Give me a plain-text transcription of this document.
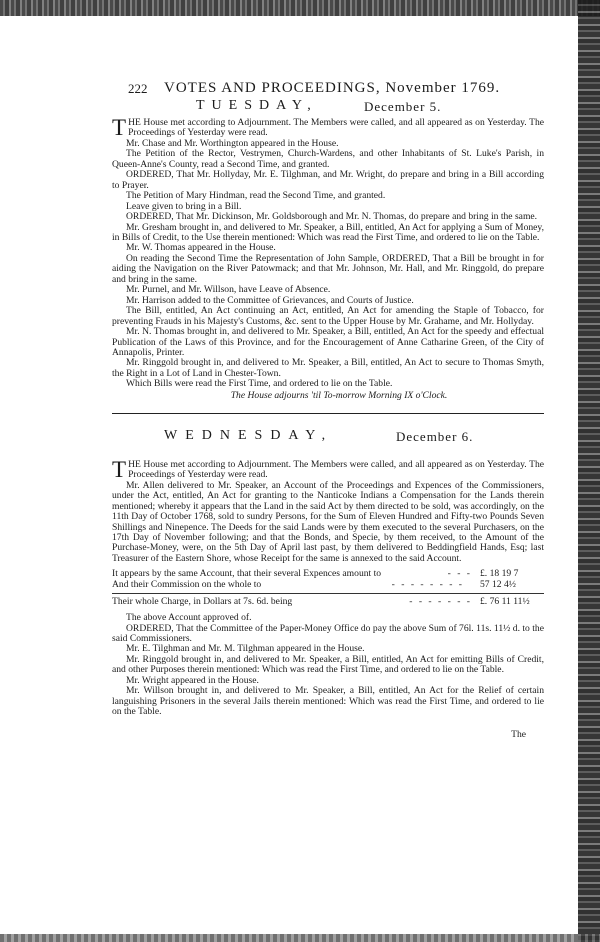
222 VOTES AND PROCEEDINGS, November 1769.
TUESDAY,	December 5.

THE House met according to Adjournment. The Members were called, and all appeared as on Yesterday. The Proceedings of Yesterday were read.

Mr. Chase and Mr. Worthington appeared in the House.

The Petition of the Rector, Vestrymen, Church-Wardens, and other Inhabitants of St. Luke's Parish, in Queen-Anne's County, read a Second Time, and granted.

ORDERED, That Mr. Hollyday, Mr. E. Tilghman, and Mr. Wright, do prepare and bring in a Bill according to Prayer.

The Petition of Mary Hindman, read the Second Time, and granted.

Leave given to bring in a Bill.

ORDERED, That Mr. Dickinson, Mr. Goldsborough and Mr. N. Thomas, do prepare and bring in the same.

Mr. Gresham brought in, and delivered to Mr. Speaker, a Bill, entitled, An Act for applying a Sum of Money, in Bills of Credit, to the Use therein mentioned: Which was read the First Time, and ordered to lie on the Table.

Mr. W. Thomas appeared in the House.

On reading the Second Time the Representation of John Sample, ORDERED, That a Bill be brought in for aiding the Navigation on the River Patowmack; and that Mr. Johnson, Mr. Hall, and Mr. Ringgold, do prepare and bring in the same.

Mr. Purnel, and Mr. Willson, have Leave of Absence.

Mr. Harrison added to the Committee of Grievances, and Courts of Justice.

The Bill, entitled, An Act continuing an Act, entitled, An Act for amending the Staple of Tobacco, for preventing Frauds in his Majesty's Customs, &c. sent to the Upper House by Mr. Grahame, and Mr. Hollyday.

Mr. N. Thomas brought in, and delivered to Mr. Speaker, a Bill, entitled, An Act for the speedy and effectual Publication of the Laws of this Province, and for the Encouragement of Anne Catharine Green, of the City of Annapolis, Printer.

Mr. Ringgold brought in, and delivered to Mr. Speaker, a Bill, entitled, An Act to secure to Thomas Smyth, the Right in a Lot of Land in Chester-Town.

Which Bills were read the First Time, and ordered to lie on the Table.

The House adjourns 'til To-morrow Morning IX o'Clock.

WEDNESDAY,	December 6.

THE House met according to Adjournment. The Members were called, and all appeared as on Yesterday. The Proceedings of Yesterday were read.

Mr. Allen delivered to Mr. Speaker, an Account of the Proceedings and Expences of the Commissioners, under the Act, entitled, An Act for granting to the Nanticoke Indians a Compensation for the Lands therein mentioned; whereby it appears that the Land in the said Act by them directed to be sold, was accordingly, on the 11th Day of October 1768, sold to sundry Persons, for the Sum of Eleven Hundred and Fifty-two Pounds Seven Shillings and Ninepence. The Deeds for the said Lands were by them executed to the several Purchasers, on the 17th Day of November following; and that the Bonds, and Specie, by them received, to the Amount of the Purchase-Money, were, on the 5th Day of April last past, by them delivered to Beddingfield Hands, Esq; last Treasurer of the Eastern Shore, whose Receipt for the same is annexed to the said Account.

It appears by the same Account, that their several Expences amount to	- - - £. 18 19 7
And their Commission on the whole to	- - - - - - - -	57 12 4½
Their whole Charge, in Dollars at 7s. 6d. being	- - - - - - - £. 76 11 11½

The above Account approved of.

ORDERED, That the Committee of the Paper-Money Office do pay the above Sum of 76l. 11s. 11½ d. to the said Commissioners.

Mr. E. Tilghman and Mr. M. Tilghman appeared in the House.

Mr. Ringgold brought in, and delivered to Mr. Speaker, a Bill, entitled, An Act for emitting Bills of Credit, and other Purposes therein mentioned: Which was read the First Time, and ordered to lie on the Table.

Mr. Wright appeared in the House.

Mr. Willson brought in, and delivered to Mr. Speaker, a Bill, entitled, An Act for the Relief of certain languishing Prisoners in the several Jails therein mentioned: Which was read the First Time, and ordered to lie on the Table.

The
